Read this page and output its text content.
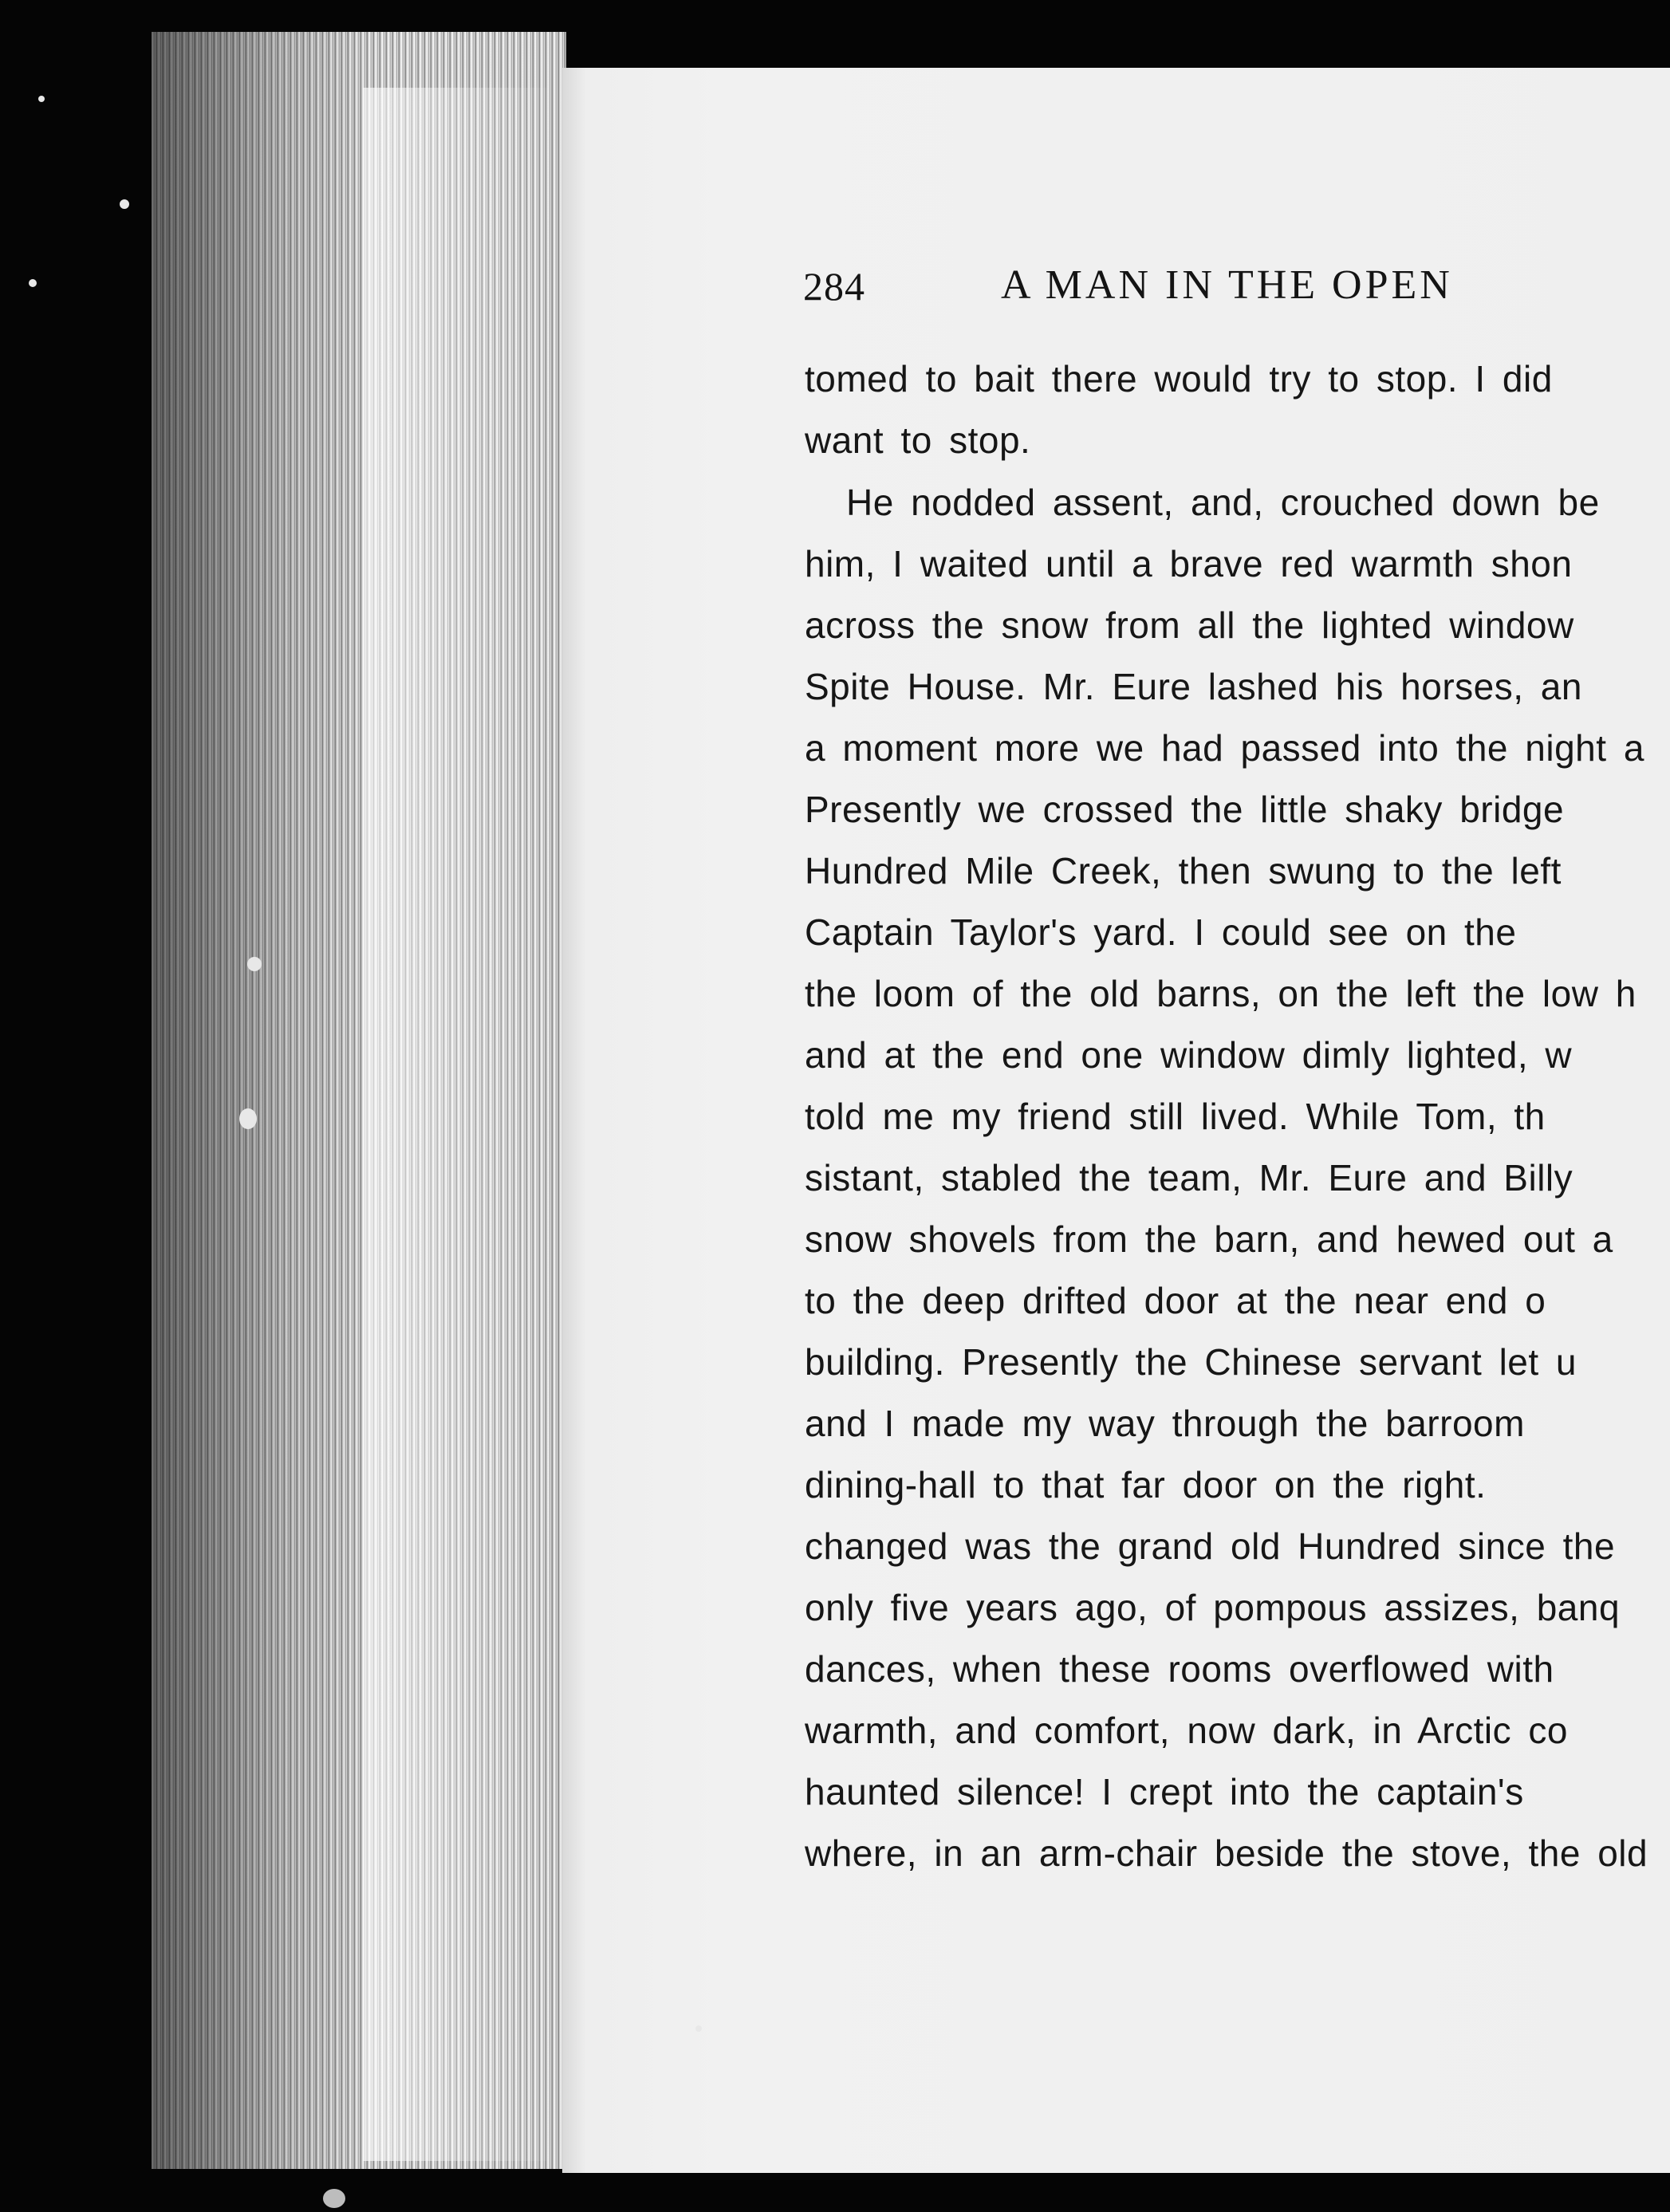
284	A MAN IN THE OPEN
tomed to bait there would try to stop. I did
want to stop.
He nodded assent, and, crouched down be
him, I waited until a brave red warmth shon
across the snow from all the lighted window
Spite House. Mr. Eure lashed his horses, an
a moment more we had passed into the night a
Presently we crossed the little shaky bridge
Hundred Mile Creek, then swung to the left
Captain Taylor's yard. I could see on the
the loom of the old barns, on the left the low h
and at the end one window dimly lighted, w
told me my friend still lived. While Tom, th
sistant, stabled the team, Mr. Eure and Billy
snow shovels from the barn, and hewed out a
to the deep drifted door at the near end o
building. Presently the Chinese servant let u
and I made my way through the barroom
dining-hall to that far door on the right.
changed was the grand old Hundred since the
only five years ago, of pompous assizes, banq
dances, when these rooms overflowed with
warmth, and comfort, now dark, in Arctic co
haunted silence! I crept into the captain's
where, in an arm-chair beside the stove, the old
